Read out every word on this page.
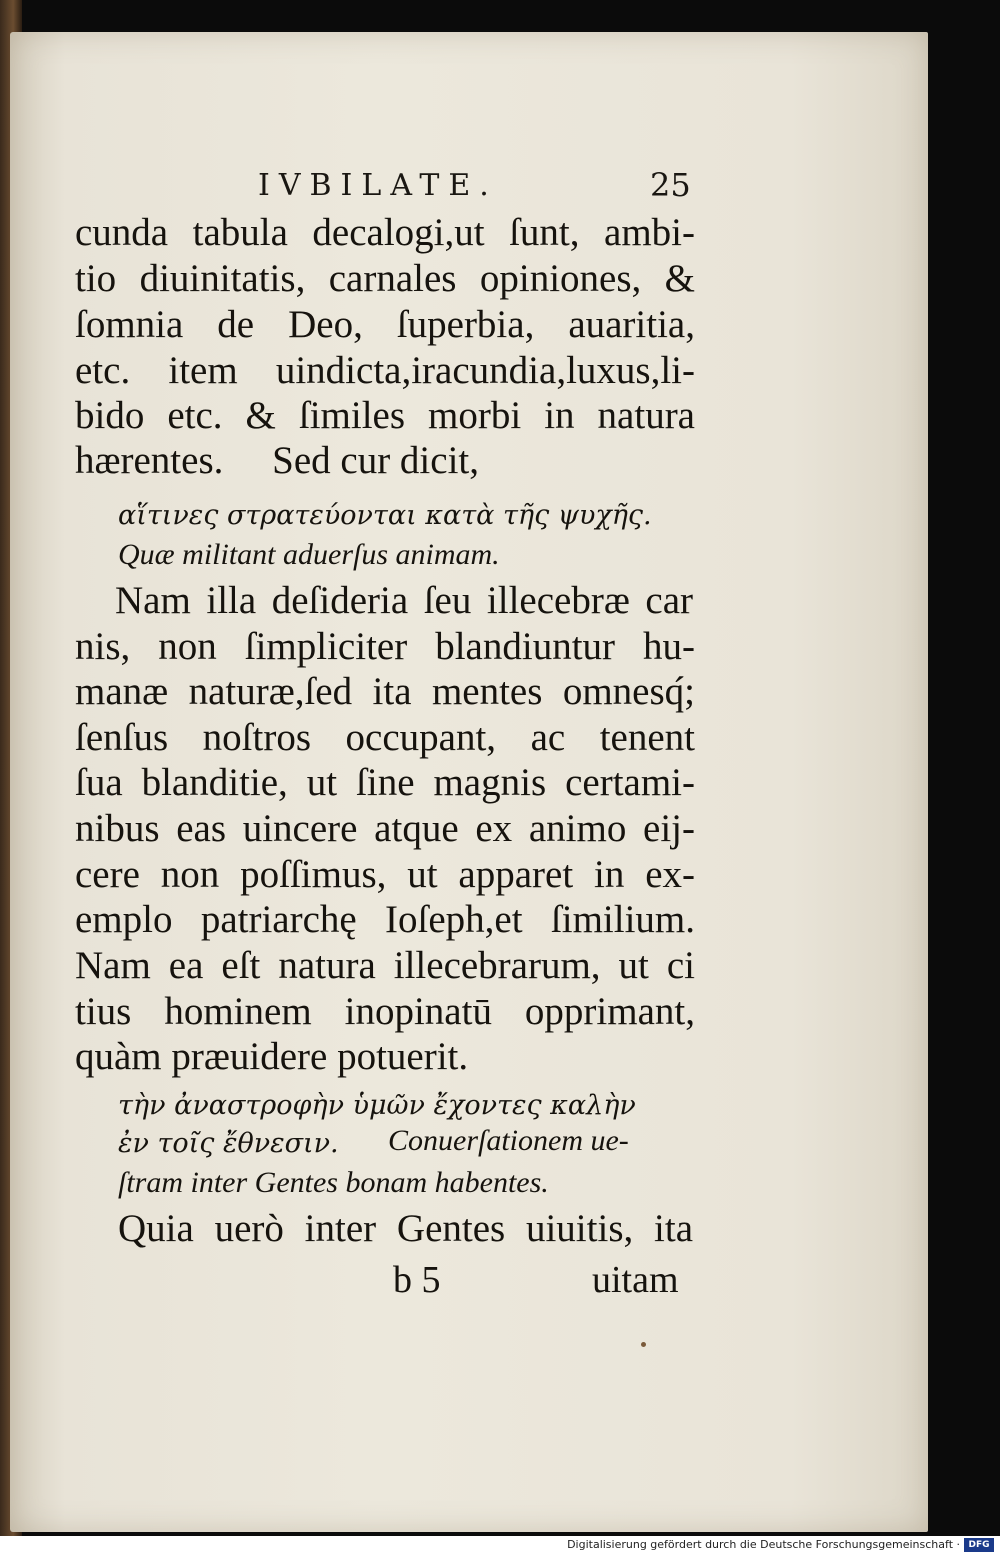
IVBILATE.	25
cunda tabula decalogi,ut ſunt, ambi-
tio diuinitatis, carnales opiniones, &
ſomnia de Deo, ſuperbia, auaritia,
etc. item uindicta,iracundia,luxus,li-
bido etc. & ſimiles morbi in natura
hærentes.     Sed cur dicit,
αἵτινες στρατεύονται κατὰ τῆς ψυχῆς.
Quæ militant aduerſus animam.
Nam illa deſideria ſeu illecebræ car
nis, non ſimpliciter blandiuntur hu-
manæ naturæ,ſed ita mentes omnesq́;
ſenſus noſtros occupant, ac tenent
ſua blanditie, ut ſine magnis certami-
nibus eas uincere atque ex animo eij-
cere non poſſimus, ut apparet in ex-
emplo patriarchę Ioſeph,et ſimilium.
Nam ea eſt natura illecebrarum, ut ci
tius hominem inopinatū opprimant,
quàm præuidere potuerit.
τὴν ἀναστροφὴν ὑμῶν ἔχοντες καλὴν
ἐν τοῖς ἔθνεσιν. Conuerſationem ue-
ſtram inter Gentes bonam habentes.
Quia uerò inter Gentes uiuitis, ita
b 5	uitam
Digitalisierung gefördert durch die Deutsche Forschungsgemeinschaft · DFG
